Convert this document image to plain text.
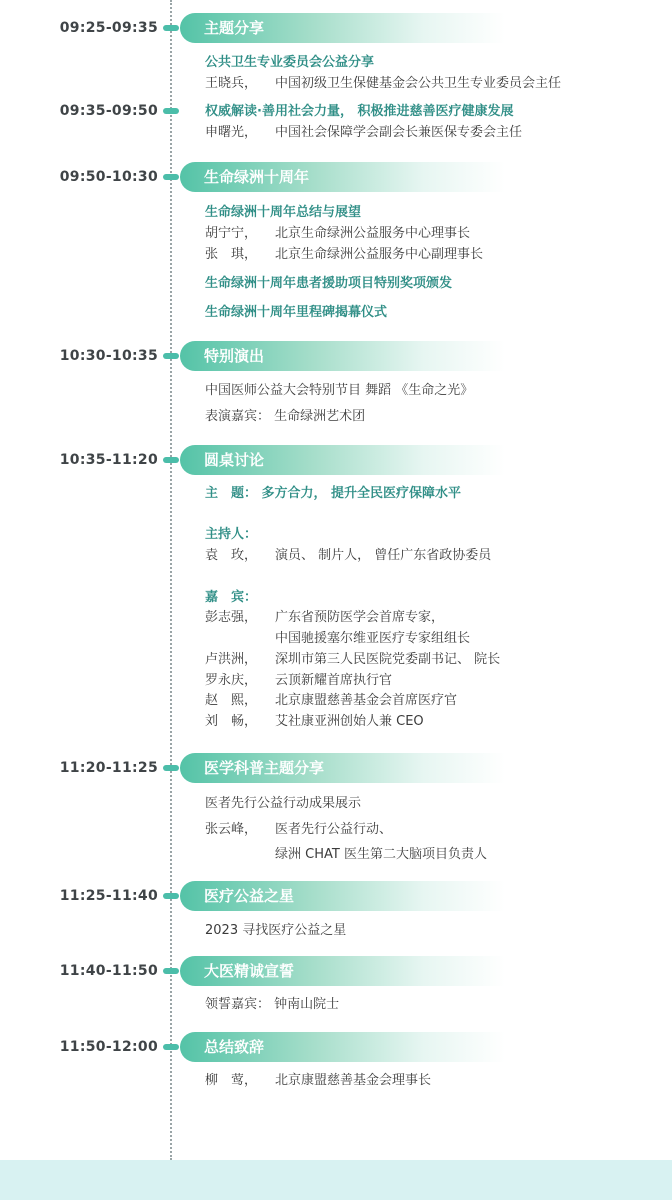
09:25-09:35	主题分享
公共卫生专业委员会公益分享
王晓兵， 中国初级卫生保健基金会公共卫生专业委员会主任
09:35-09:50	权威解读·善用社会力量， 积极推进慈善医疗健康发展
申曙光， 中国社会保障学会副会长兼医保专委会主任
09:50-10:30	生命绿洲十周年
生命绿洲十周年总结与展望
胡宁宁， 北京生命绿洲公益服务中心理事长
张　琪， 北京生命绿洲公益服务中心副理事长
生命绿洲十周年患者援助项目特别奖项颁发
生命绿洲十周年里程碑揭幕仪式
10:30-10:35	特别演出
中国医师公益大会特别节目 舞蹈 《生命之光》
表演嘉宾： 生命绿洲艺术团
10:35-11:20	圆桌讨论
主　题： 多方合力， 提升全民医疗保障水平
主持人：
袁　玫， 演员、 制片人， 曾任广东省政协委员
嘉　宾：
彭志强， 广东省预防医学会首席专家，
中国驰援塞尔维亚医疗专家组组长
卢洪洲， 深圳市第三人民医院党委副书记、 院长
罗永庆， 云顶新耀首席执行官
赵　熙， 北京康盟慈善基金会首席医疗官
刘　畅， 艾社康亚洲创始人兼 CEO
11:20-11:25	医学科普主题分享
医者先行公益行动成果展示
张云峰， 医者先行公益行动、
绿洲 CHAT 医生第二大脑项目负责人
11:25-11:40	医疗公益之星
2023 寻找医疗公益之星
11:40-11:50	大医精诚宣誓
领誓嘉宾： 钟南山院士
11:50-12:00	总结致辞
柳　莺， 北京康盟慈善基金会理事长
